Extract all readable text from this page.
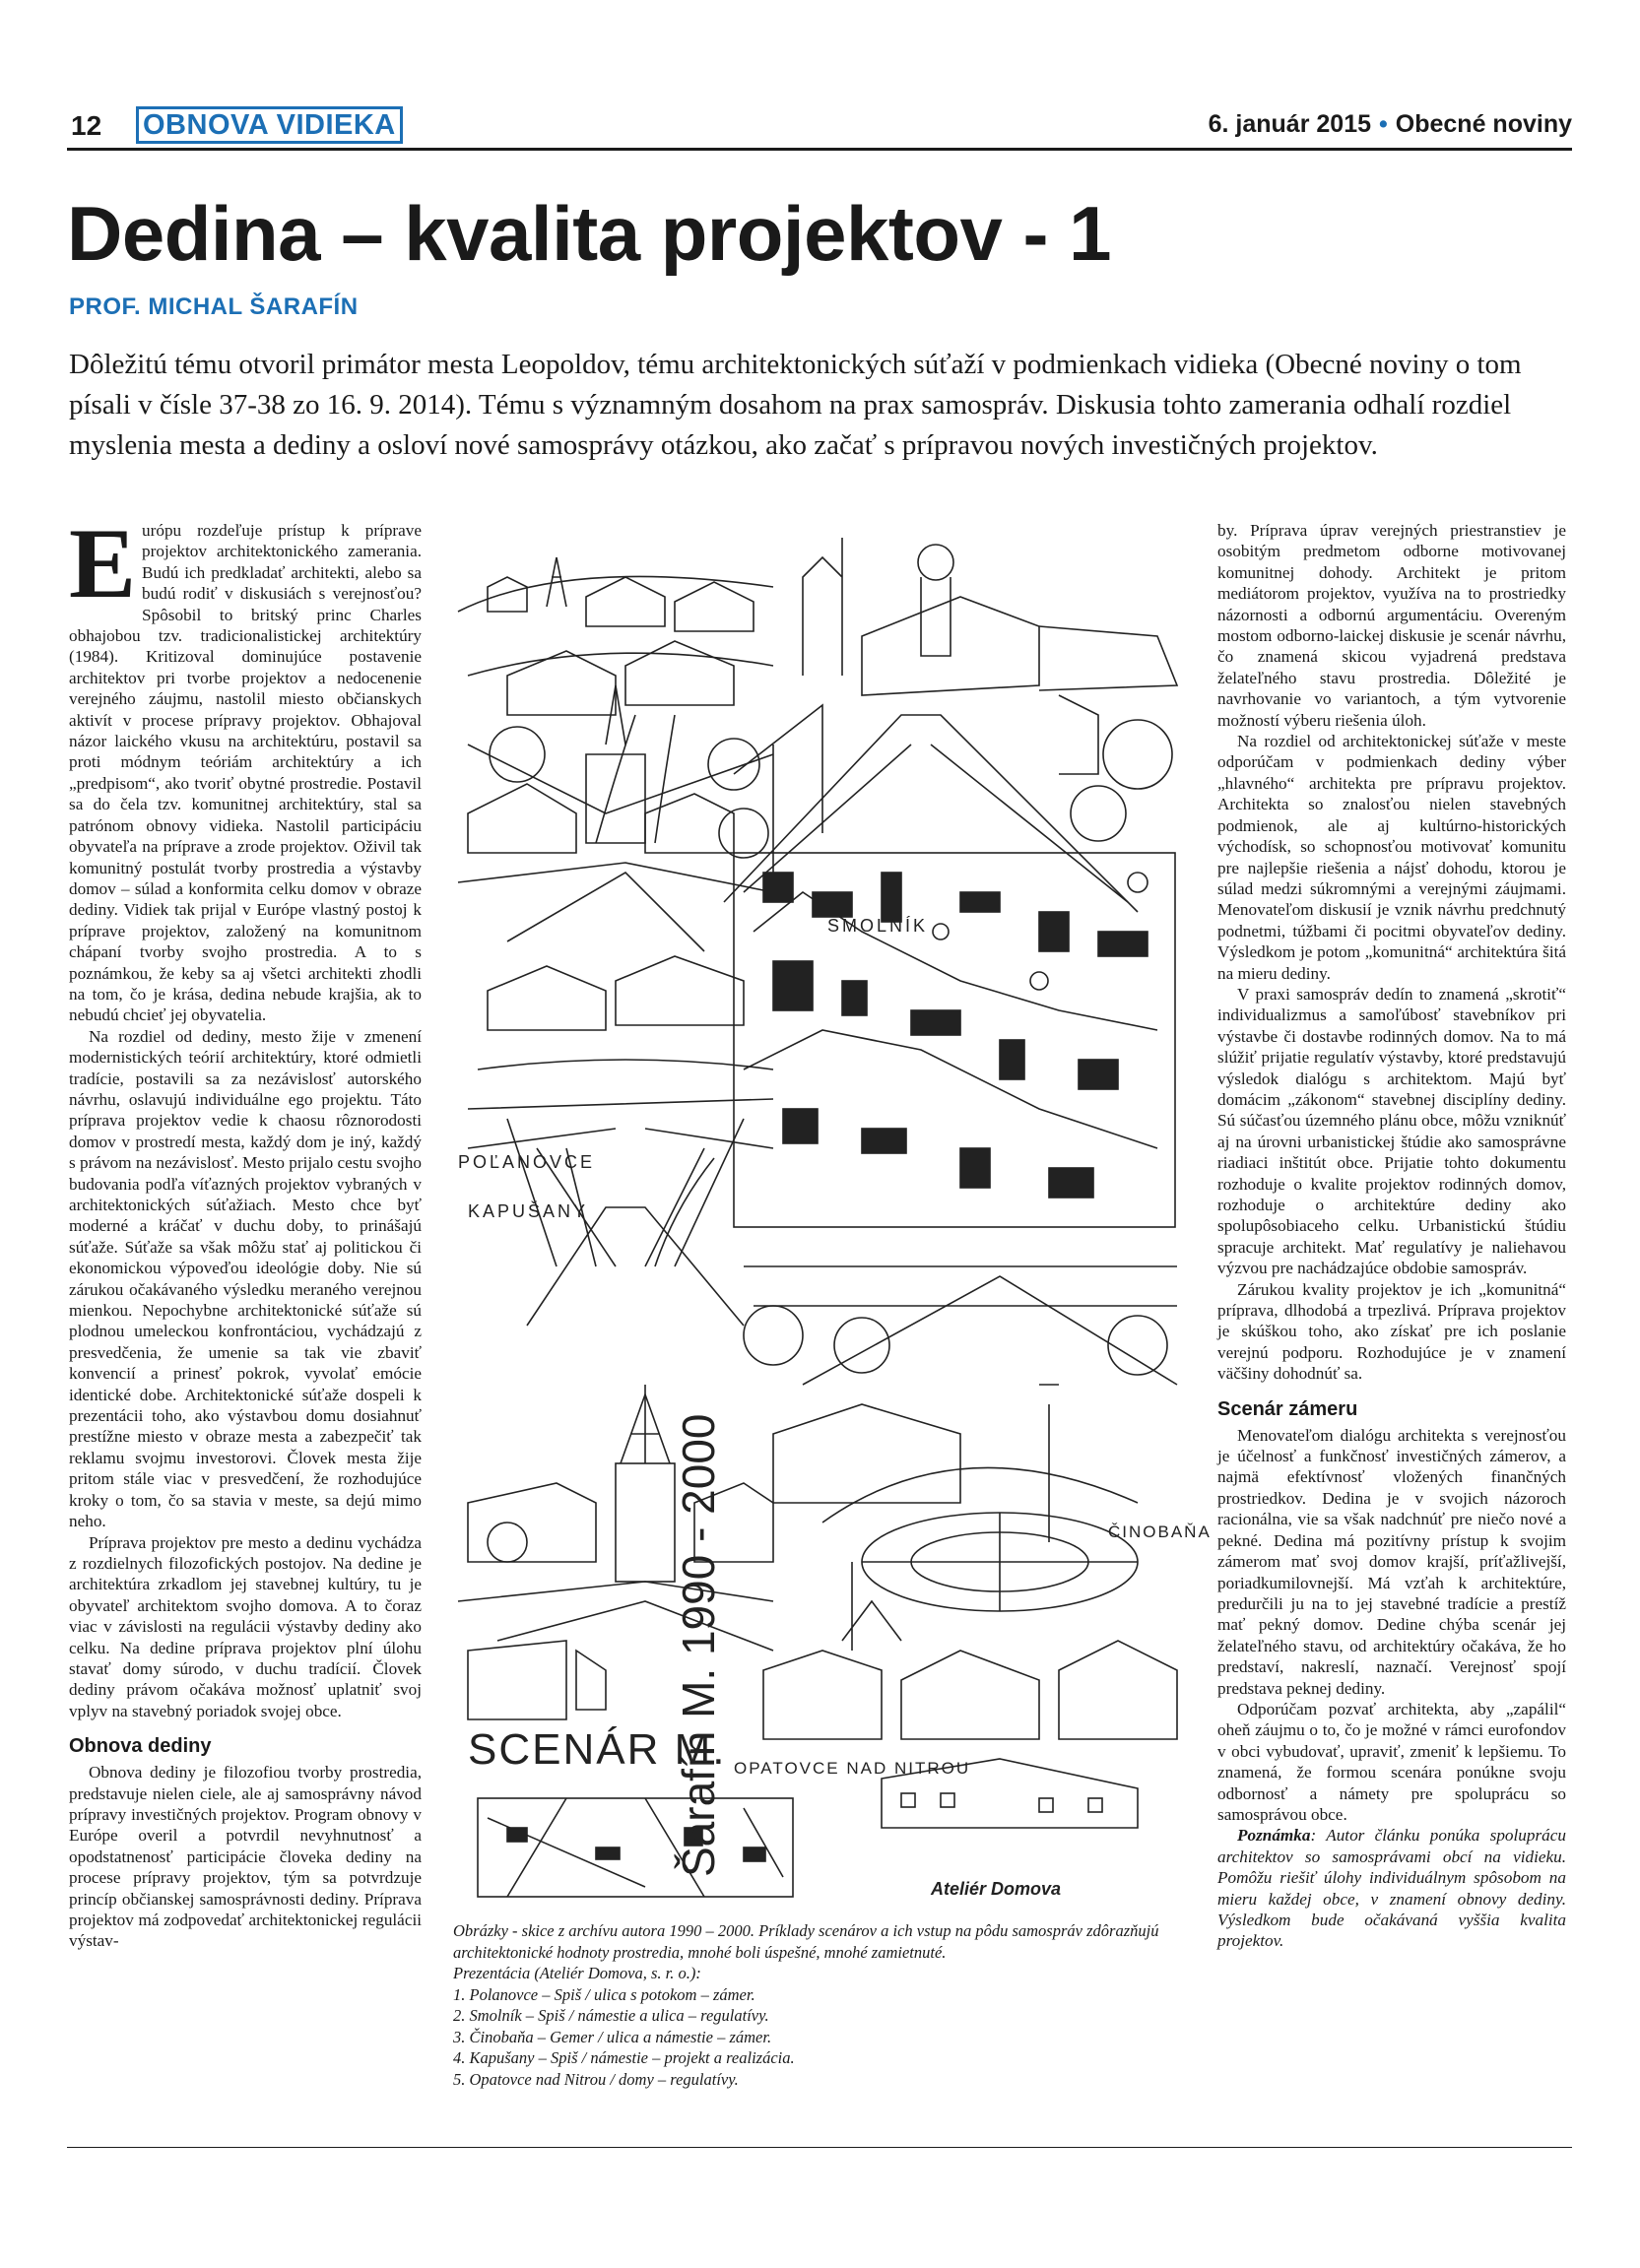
12 OBNOVA VIDIEKA	6. január 2015 • Obecné noviny
Dedina – kvalita projektov - 1
PROF. MICHAL ŠARAFÍN
Dôležitú tému otvoril primátor mesta Leopoldov, tému architektonických súťaží v podmienkach vidieka (Obecné noviny o tom písali v čísle 37-38 zo 16. 9. 2014). Tému s významným dosahom na prax samospráv. Diskusia tohto zamerania odhalí rozdiel myslenia mesta a dediny a osloví nové samosprávy otázkou, ako začať s prípravou nových investičných projektov.

Európu rozdeľuje prístup k príprave projektov architektonického zamerania. Budú ich predkladať architekti, alebo sa budú rodiť v diskusiách s verejnosťou? Spôsobil to britský princ Charles obhajobou tzv. tradicionalistickej architektúry (1984). Kritizoval dominujúce postavenie architektov pri tvorbe projektov a nedocenenie verejného záujmu, nastolil miesto občianskych aktivít v procese prípravy projektov. Obhajoval názor laického vkusu na architektúru, postavil sa proti módnym teóriám architektúry a ich „predpisom“, ako tvoriť obytné prostredie. Postavil sa do čela tzv. komunitnej architektúry, stal sa patrónom obnovy vidieka. Nastolil participáciu obyvateľa na príprave a zrode projektov. Oživil tak komunitný postulát tvorby prostredia a výstavby domov – súlad a konformita celku domov v obraze dediny. Vidiek tak prijal v Európe vlastný postoj k príprave projektov, založený na komunitnom chápaní tvorby svojho prostredia. A to s poznámkou, že keby sa aj všetci architekti zhodli na tom, čo je krása, dedina nebude krajšia, ak to nebudú chcieť jej obyvatelia.

Na rozdiel od dediny, mesto žije v zmenení modernistických teórií architektúry, ktoré odmietli tradície, postavili sa za nezávislosť autorského návrhu, oslavujú individuálne ego projektu. Táto príprava projektov vedie k chaosu rôznorodosti domov v prostredí mesta, každý dom je iný, každý s právom na nezávislosť. Mesto prijalo cestu svojho budovania podľa víťazných projektov vybraných v architektonických súťažiach. Mesto chce byť moderné a kráčať v duchu doby, to prinášajú súťaže. Súťaže sa však môžu stať aj politickou či ekonomickou výpoveďou ideológie doby. Nie sú zárukou očakávaného výsledku meraného verejnou mienkou. Nepochybne architektonické súťaže sú plodnou umeleckou konfrontáciou, vychádzajú z presvedčenia, že umenie sa tak vie zbaviť konvencií a prinesť pokrok, vyvolať emócie identické dobe. Architektonické súťaže dospeli k prezentácii toho, ako výstavbou domu dosiahnuť prestížne miesto v obraze mesta a zabezpečiť tak reklamu svojmu investorovi. Človek mesta žije pritom stále viac v presvedčení, že rozhodujúce kroky o tom, čo sa stavia v meste, sa dejú mimo neho.

Príprava projektov pre mesto a dedinu vychádza z rozdielnych filozofických postojov. Na dedine je architektúra zrkadlom jej stavebnej kultúry, tu je obyvateľ architektom svojho domova. A to čoraz viac v závislosti na regulácii výstavby dediny ako celku. Na dedine príprava projektov plní úlohu stavať domy súrodo, v duchu tradícií. Človek dediny právom očakáva možnosť uplatniť svoj vplyv na stavebný poriadok svojej obce.

Obnova dediny

Obnova dediny je filozofiou tvorby prostredia, predstavuje nielen ciele, ale aj samosprávny návod prípravy investičných projektov. Program obnovy v Európe overil a potvrdil nevyhnutnosť a opodstatnenosť participácie človeka dediny na procese prípravy projektov, tým sa potvrdzuje princíp občianskej samosprávnosti dediny. Príprava projektov má zodpovedať architektonickej regulácii výstav-

SMOLNÍK
POĽANOVCE
KAPUŠANY
ČINOBAŇA
OPATOVCE NAD NITROU
SCENÁR M.
Šarafín M. 1990 - 2000
Ateliér Domova
Obrázky - skice z archívu autora 1990 – 2000. Príklady scenárov a ich vstup na pôdu samospráv zdôrazňujú architektonické hodnoty prostredia, mnohé boli úspešné, mnohé zamietnuté.
Prezentácia (Ateliér Domova, s. r. o.):
1. Polanovce – Spiš / ulica s potokom – zámer.
2. Smolník – Spiš / námestie a ulica – regulatívy.
3. Činobaňa – Gemer / ulica a námestie – zámer.
4. Kapušany – Spiš / námestie – projekt a realizácia.
5. Opatovce nad Nitrou / domy – regulatívy.

by. Príprava úprav verejných priestranstiev je osobitým predmetom odborne motivovanej komunitnej dohody. Architekt je pritom mediátorom projektov, využíva na to prostriedky názornosti a odbornú argumentáciu. Overeným mostom odborno-laickej diskusie je scenár návrhu, čo znamená skicou vyjadrená predstava želateľného stavu prostredia. Dôležité je navrhovanie vo variantoch, a tým vytvorenie možností výberu riešenia úloh.

Na rozdiel od architektonickej súťaže v meste odporúčam v podmienkach dediny výber „hlavného“ architekta pre prípravu projektov. Architekta so znalosťou nielen stavebných podmienok, ale aj kultúrno-historických východísk, so schopnosťou motivovať komunitu pre najlepšie riešenia a nájsť dohodu, ktorou je súlad medzi súkromnými a verejnými záujmami. Menovateľom diskusií je vznik návrhu predchnutý podnetmi, túžbami či pocitmi obyvateľov dediny. Výsledkom je potom „komunitná“ architektúra šitá na mieru dediny.

V praxi samospráv dedín to znamená „skrotiť“ individualizmus a samoľúbosť stavebníkov pri výstavbe či dostavbe rodinných domov. Na to má slúžiť prijatie regulatív výstavby, ktoré predstavujú výsledok dialógu s architektom. Majú byť domácim „zákonom“ stavebnej disciplíny dediny. Sú súčasťou územného plánu obce, môžu vzniknúť aj na úrovni urbanistickej štúdie ako samosprávne riadiaci inštitút obce. Prijatie tohto dokumentu rozhoduje o kvalite projektov rodinných domov, rozhoduje o architektúre dediny ako spolupôsobiaceho celku. Urbanistickú štúdiu spracuje architekt. Mať regulatívy je naliehavou výzvou pre nachádzajúce obdobie samospráv.

Zárukou kvality projektov je ich „komunitná“ príprava, dlhodobá a trpezlivá. Príprava projektov je skúškou toho, ako získať pre ich poslanie verejnú podporu. Rozhodujúce je v znamení väčšiny dohodnúť sa.

Scenár zámeru

Menovateľom dialógu architekta s verejnosťou je účelnosť a funkčnosť investičných zámerov, a najmä efektívnosť vložených finančných prostriedkov. Dedina je v svojich názoroch racionálna, vie sa však nadchnúť pre niečo nové a pekné. Dedina má pozitívny prístup k svojim zámerom mať svoj domov krajší, príťažlivejší, poriadkumilovnejší. Má vzťah k architektúre, predurčili ju na to jej stavebné tradície a prestíž mať pekný domov. Dedine chýba scenár jej želateľného stavu, od architektúry očakáva, že ho predstaví, nakreslí, naznačí. Verejnosť spojí predstava peknej dediny.

Odporúčam pozvať architekta, aby „zapálil“ oheň záujmu o to, čo je možné v rámci eurofondov v obci vybudovať, upraviť, zmeniť k lepšiemu. To znamená, že formou scenára ponúkne svoju odbornosť a námety pre spoluprácu so samosprávou obce.

Poznámka: Autor článku ponúka spoluprácu architektov so samosprávami obcí na vidieku. Pomôžu riešiť úlohy individuálnym spôsobom na mieru každej obce, v znamení obnovy dediny. Výsledkom bude očakávaná vyššia kvalita projektov.
